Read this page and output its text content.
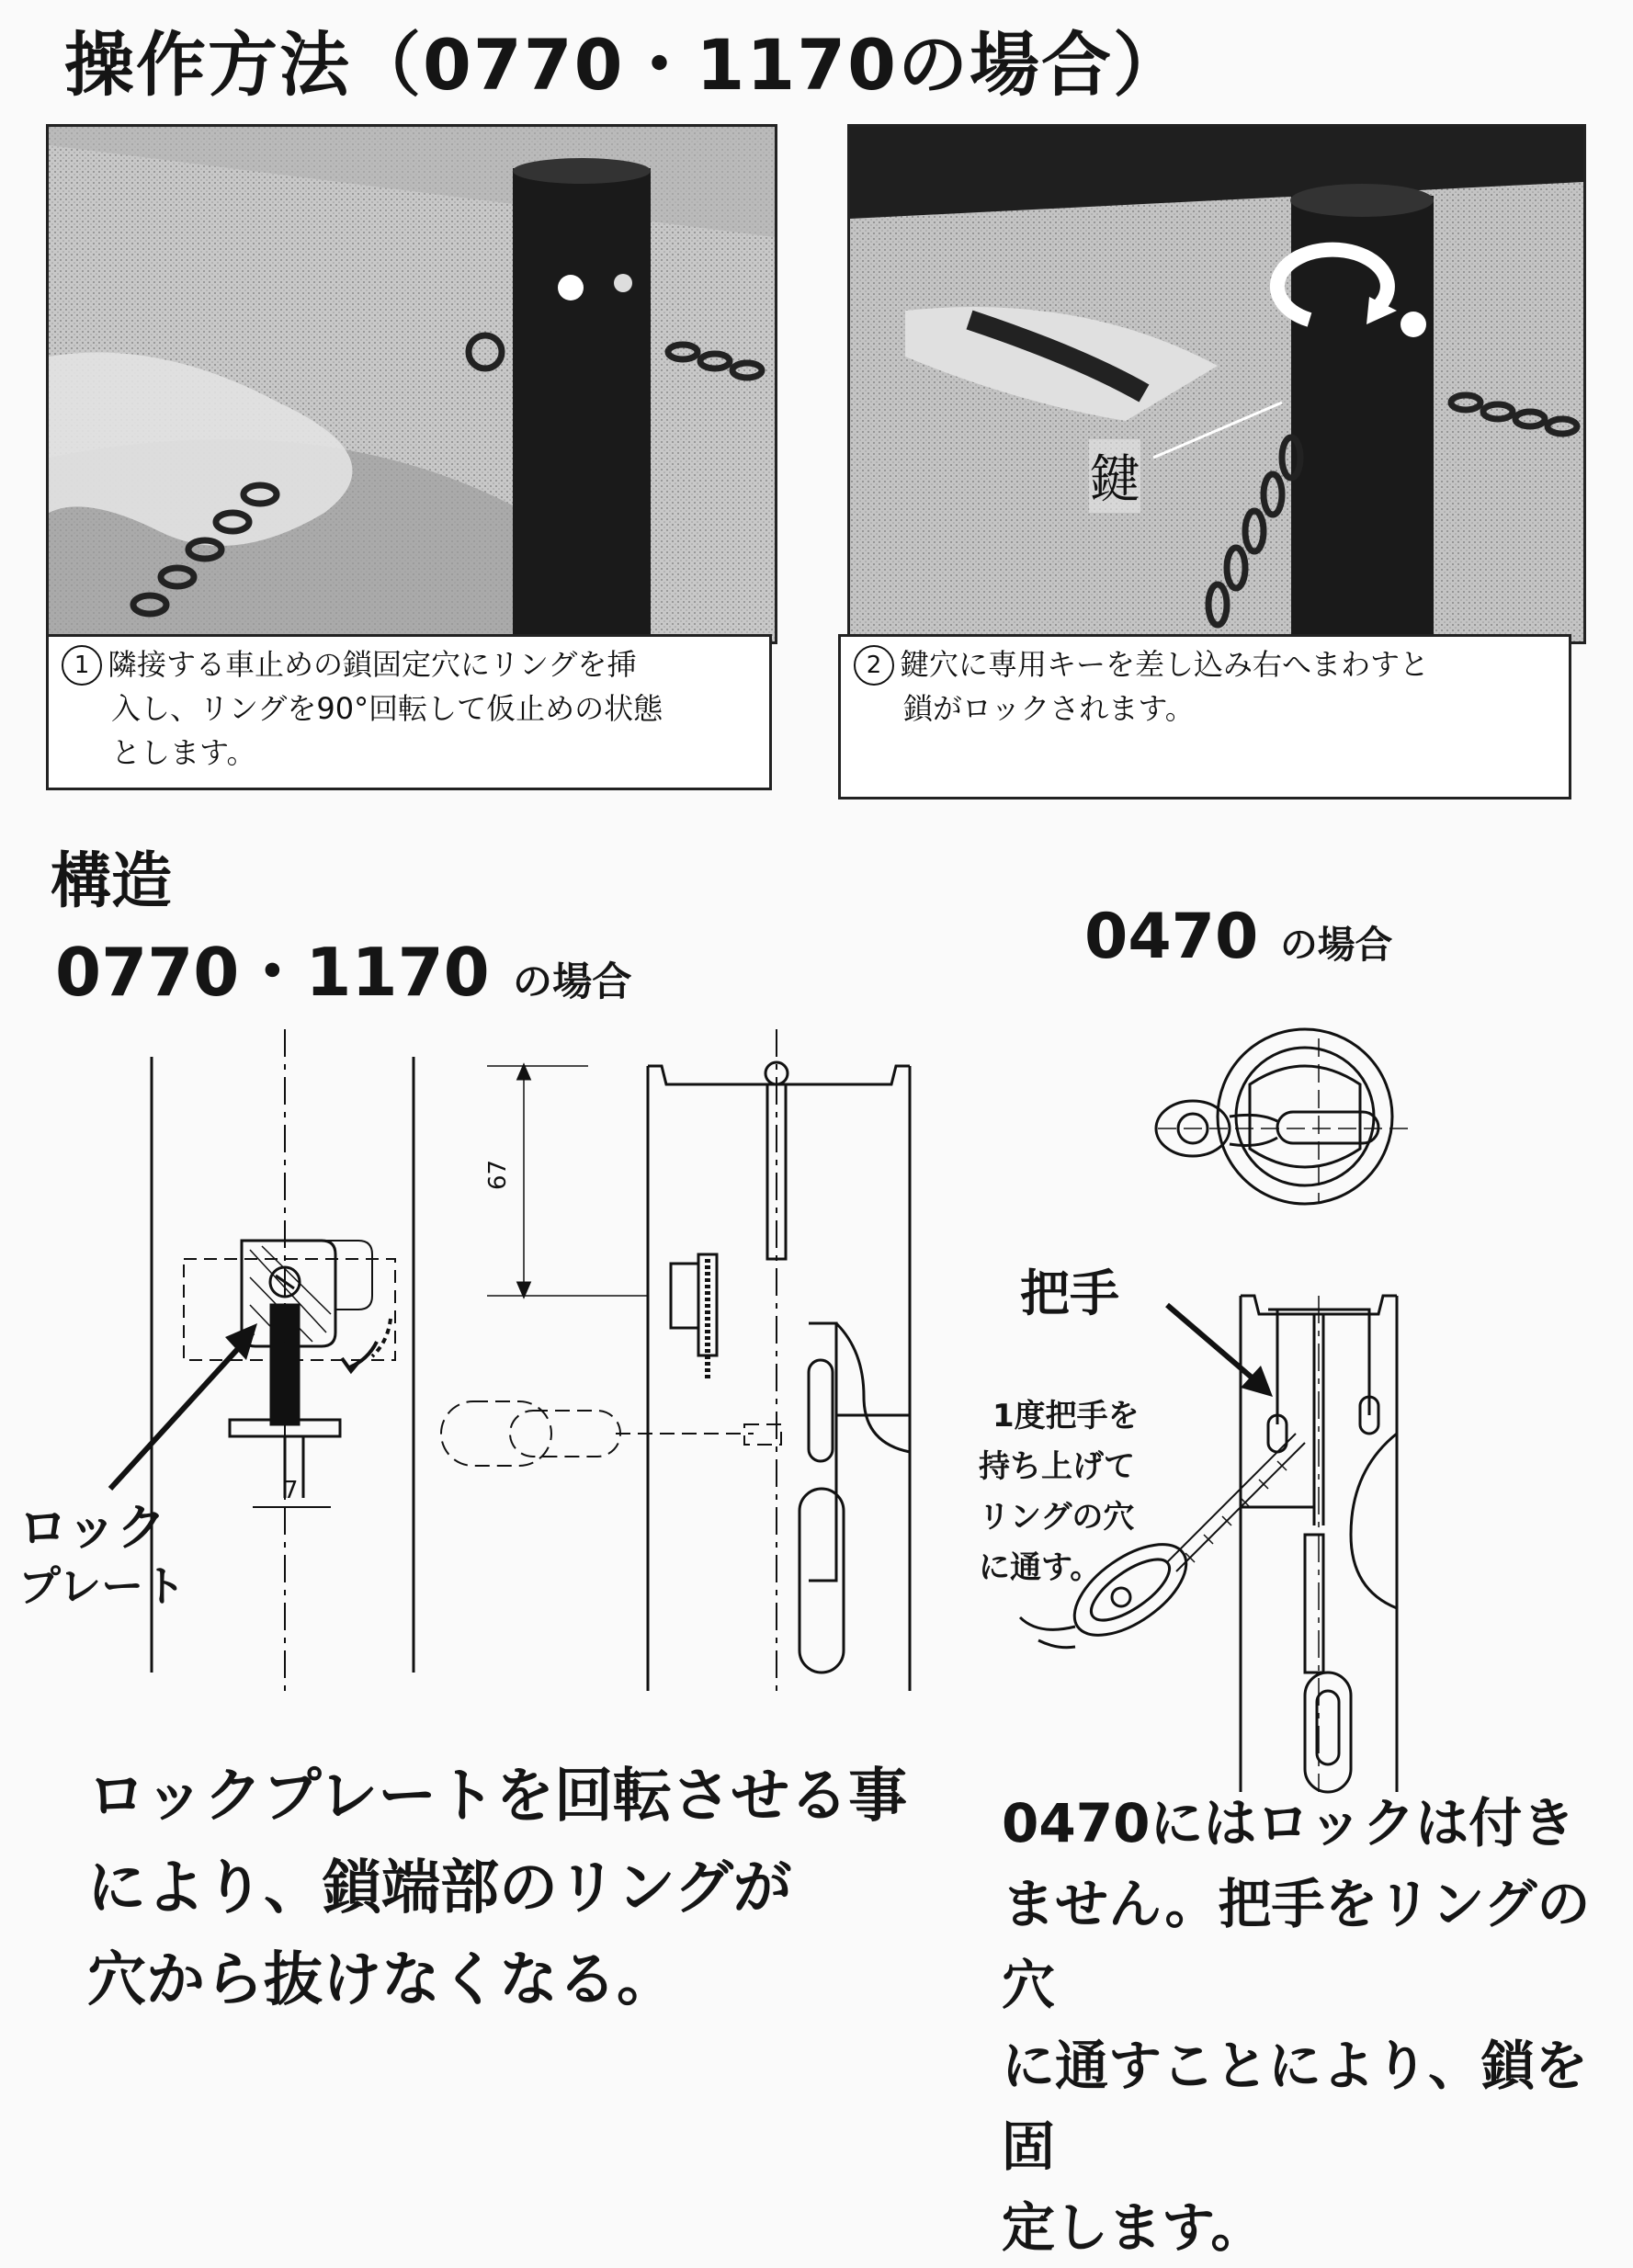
操作方法（0770・1170の場合）
1 隣接する車止めの鎖固定穴にリングを挿
入し、リングを90°回転して仮止めの状態
とします。
鍵
2 鍵穴に専用キーを差し込み右へまわすと
鎖がロックされます。
構造
0770・1170 の場合
0470 の場合
7
ロック
プレート
67
把手
1度把手を
持ち上げて
リングの穴
に通す。
ロックプレートを回転させる事
により、鎖端部のリングが
穴から抜けなくなる。
0470にはロックは付き
ません。把手をリングの穴
に通すことにより、鎖を固
定します。
